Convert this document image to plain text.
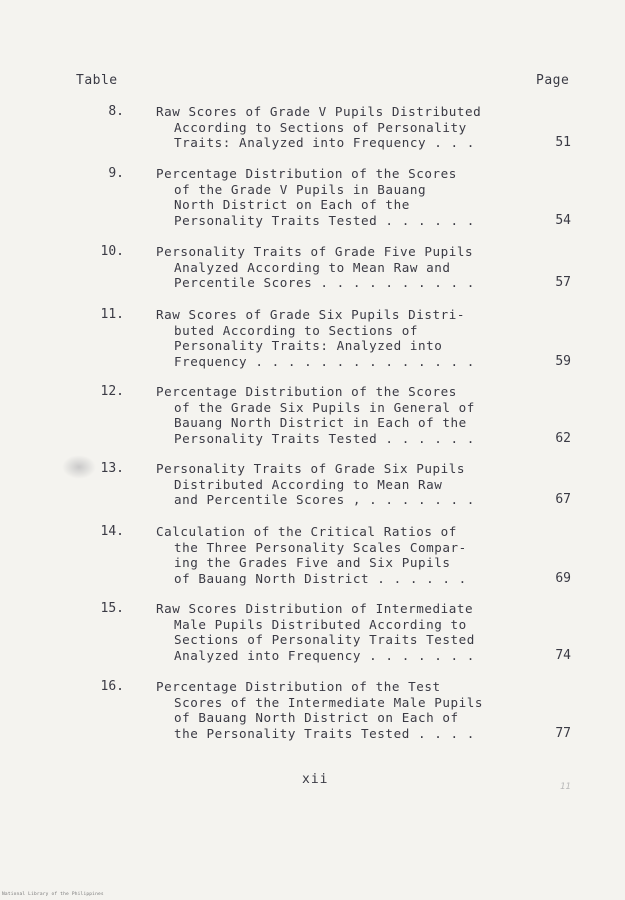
Table	Page
8.	Raw Scores of Grade V Pupils Distributed
According to Sections of Personality
Traits: Analyzed into Frequency . . .	51
9.	Percentage Distribution of the Scores
of the Grade V Pupils in Bauang
North District on Each of the
Personality Traits Tested . . . . . .	54
10.	Personality Traits of Grade Five Pupils
Analyzed According to Mean Raw and
Percentile Scores . . . . . . . . . .	57
11.	Raw Scores of Grade Six Pupils Distri-
buted According to Sections of
Personality Traits: Analyzed into
Frequency . . . . . . . . . . . . . .	59
12.	Percentage Distribution of the Scores
of the Grade Six Pupils in General of
Bauang North District in Each of the
Personality Traits Tested . . . . . .	62
13.	Personality Traits of Grade Six Pupils
Distributed According to Mean Raw
and Percentile Scores , . . . . . . .	67
14.	Calculation of the Critical Ratios of
the Three Personality Scales Compar-
ing the Grades Five and Six Pupils
of Bauang North District . . . . . .	69
15.	Raw Scores Distribution of Intermediate
Male Pupils Distributed According to
Sections of Personality Traits Tested
Analyzed into Frequency . . . . . . .	74
16.	Percentage Distribution of the Test
Scores of the Intermediate Male Pupils
of Bauang North District on Each of
the Personality Traits Tested . . . .	77
xii	11
National Library of the Philippines
